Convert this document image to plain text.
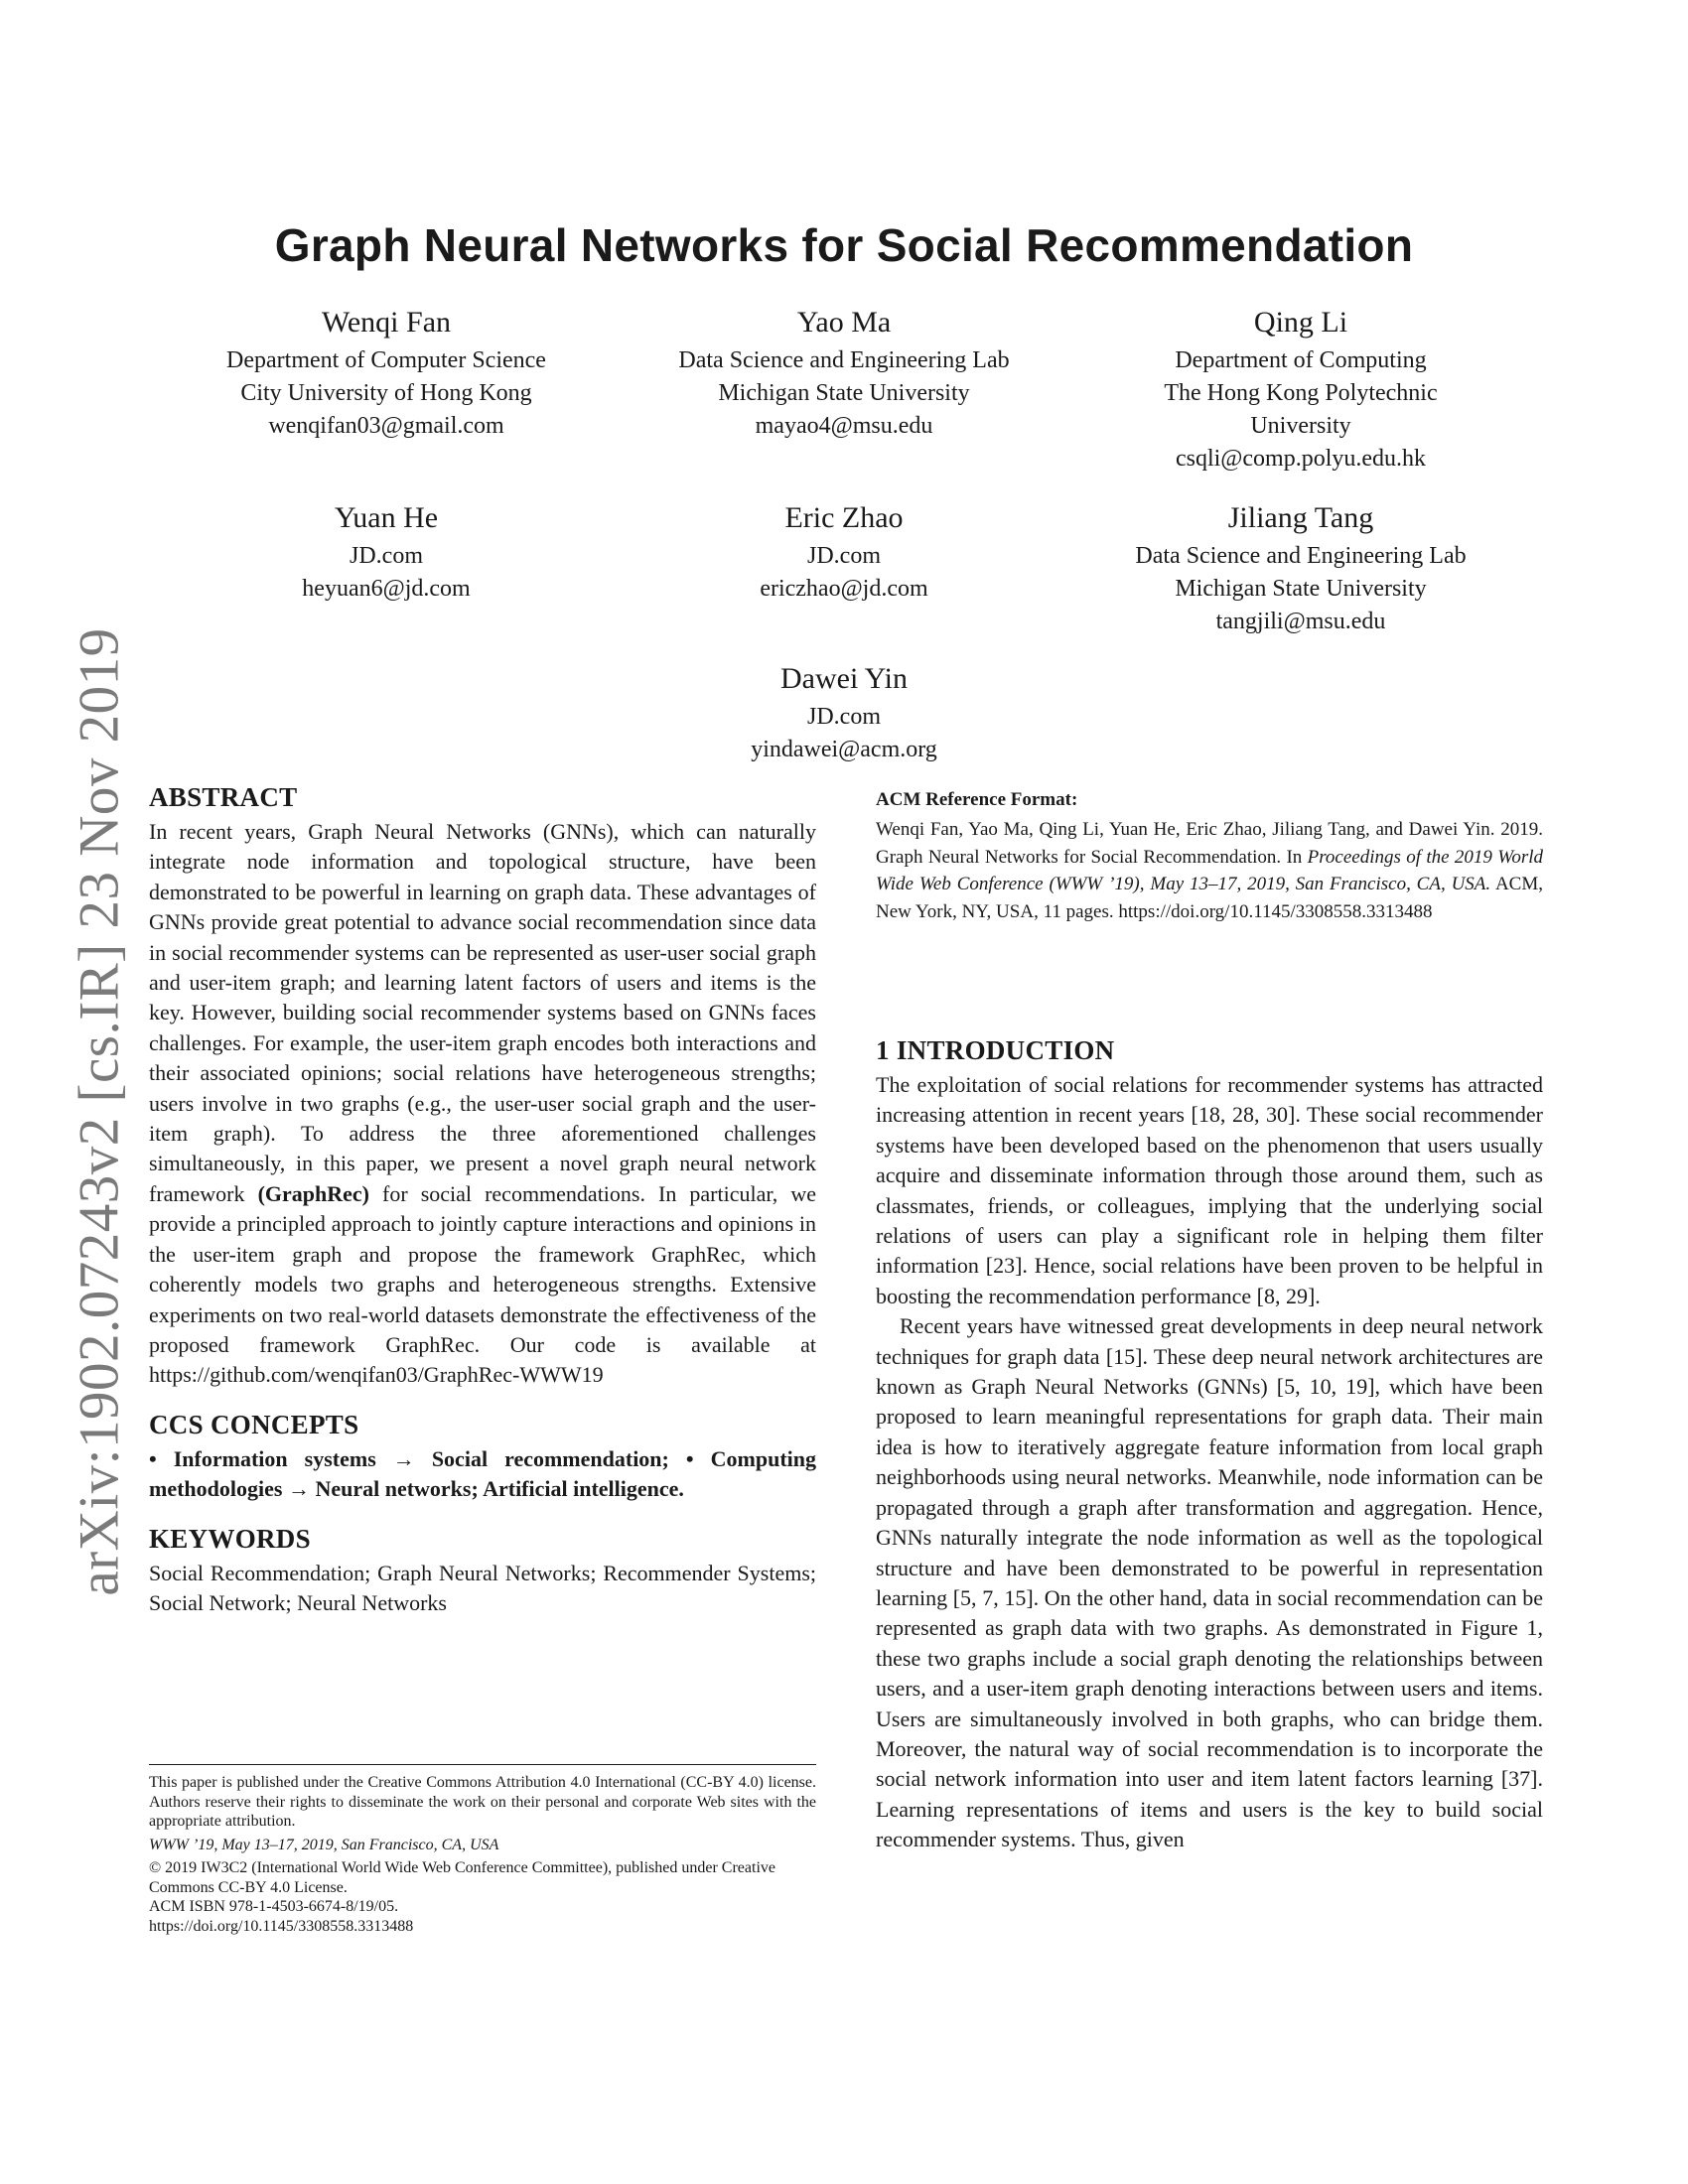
arXiv:1902.07243v2 [cs.IR] 23 Nov 2019
Graph Neural Networks for Social Recommendation
Wenqi Fan
Department of Computer Science
City University of Hong Kong
wenqifan03@gmail.com
Yao Ma
Data Science and Engineering Lab
Michigan State University
mayao4@msu.edu
Qing Li
Department of Computing
The Hong Kong Polytechnic
University
csqli@comp.polyu.edu.hk
Yuan He
JD.com
heyuan6@jd.com
Eric Zhao
JD.com
ericzhao@jd.com
Jiliang Tang
Data Science and Engineering Lab
Michigan State University
tangjili@msu.edu
Dawei Yin
JD.com
yindawei@acm.org
ABSTRACT

In recent years, Graph Neural Networks (GNNs), which can naturally integrate node information and topological structure, have been demonstrated to be powerful in learning on graph data. These advantages of GNNs provide great potential to advance social recommendation since data in social recommender systems can be represented as user-user social graph and user-item graph; and learning latent factors of users and items is the key. However, building social recommender systems based on GNNs faces challenges. For example, the user-item graph encodes both interactions and their associated opinions; social relations have heterogeneous strengths; users involve in two graphs (e.g., the user-user social graph and the user-item graph). To address the three aforementioned challenges simultaneously, in this paper, we present a novel graph neural network framework (GraphRec) for social recommendations. In particular, we provide a principled approach to jointly capture interactions and opinions in the user-item graph and propose the framework GraphRec, which coherently models two graphs and heterogeneous strengths. Extensive experiments on two real-world datasets demonstrate the effectiveness of the proposed framework GraphRec. Our code is available at https://github.com/wenqifan03/GraphRec-WWW19

CCS CONCEPTS

• Information systems → Social recommendation; • Computing methodologies → Neural networks; Artificial intelligence.

KEYWORDS

Social Recommendation; Graph Neural Networks; Recommender Systems; Social Network; Neural Networks

This paper is published under the Creative Commons Attribution 4.0 International (CC-BY 4.0) license. Authors reserve their rights to disseminate the work on their personal and corporate Web sites with the appropriate attribution.
WWW ’19, May 13–17, 2019, San Francisco, CA, USA
© 2019 IW3C2 (International World Wide Web Conference Committee), published under Creative Commons CC-BY 4.0 License.
ACM ISBN 978-1-4503-6674-8/19/05.
https://doi.org/10.1145/3308558.3313488
ACM Reference Format:
Wenqi Fan, Yao Ma, Qing Li, Yuan He, Eric Zhao, Jiliang Tang, and Dawei Yin. 2019. Graph Neural Networks for Social Recommendation. In Proceedings of the 2019 World Wide Web Conference (WWW ’19), May 13–17, 2019, San Francisco, CA, USA. ACM, New York, NY, USA, 11 pages. https://doi.org/10.1145/3308558.3313488
1 INTRODUCTION

The exploitation of social relations for recommender systems has attracted increasing attention in recent years [18, 28, 30]. These social recommender systems have been developed based on the phenomenon that users usually acquire and disseminate information through those around them, such as classmates, friends, or colleagues, implying that the underlying social relations of users can play a significant role in helping them filter information [23]. Hence, social relations have been proven to be helpful in boosting the recommendation performance [8, 29].

Recent years have witnessed great developments in deep neural network techniques for graph data [15]. These deep neural network architectures are known as Graph Neural Networks (GNNs) [5, 10, 19], which have been proposed to learn meaningful representations for graph data. Their main idea is how to iteratively aggregate feature information from local graph neighborhoods using neural networks. Meanwhile, node information can be propagated through a graph after transformation and aggregation. Hence, GNNs naturally integrate the node information as well as the topological structure and have been demonstrated to be powerful in representation learning [5, 7, 15]. On the other hand, data in social recommendation can be represented as graph data with two graphs. As demonstrated in Figure 1, these two graphs include a social graph denoting the relationships between users, and a user-item graph denoting interactions between users and items. Users are simultaneously involved in both graphs, who can bridge them. Moreover, the natural way of social recommendation is to incorporate the social network information into user and item latent factors learning [37]. Learning representations of items and users is the key to build social recommender systems. Thus, given
